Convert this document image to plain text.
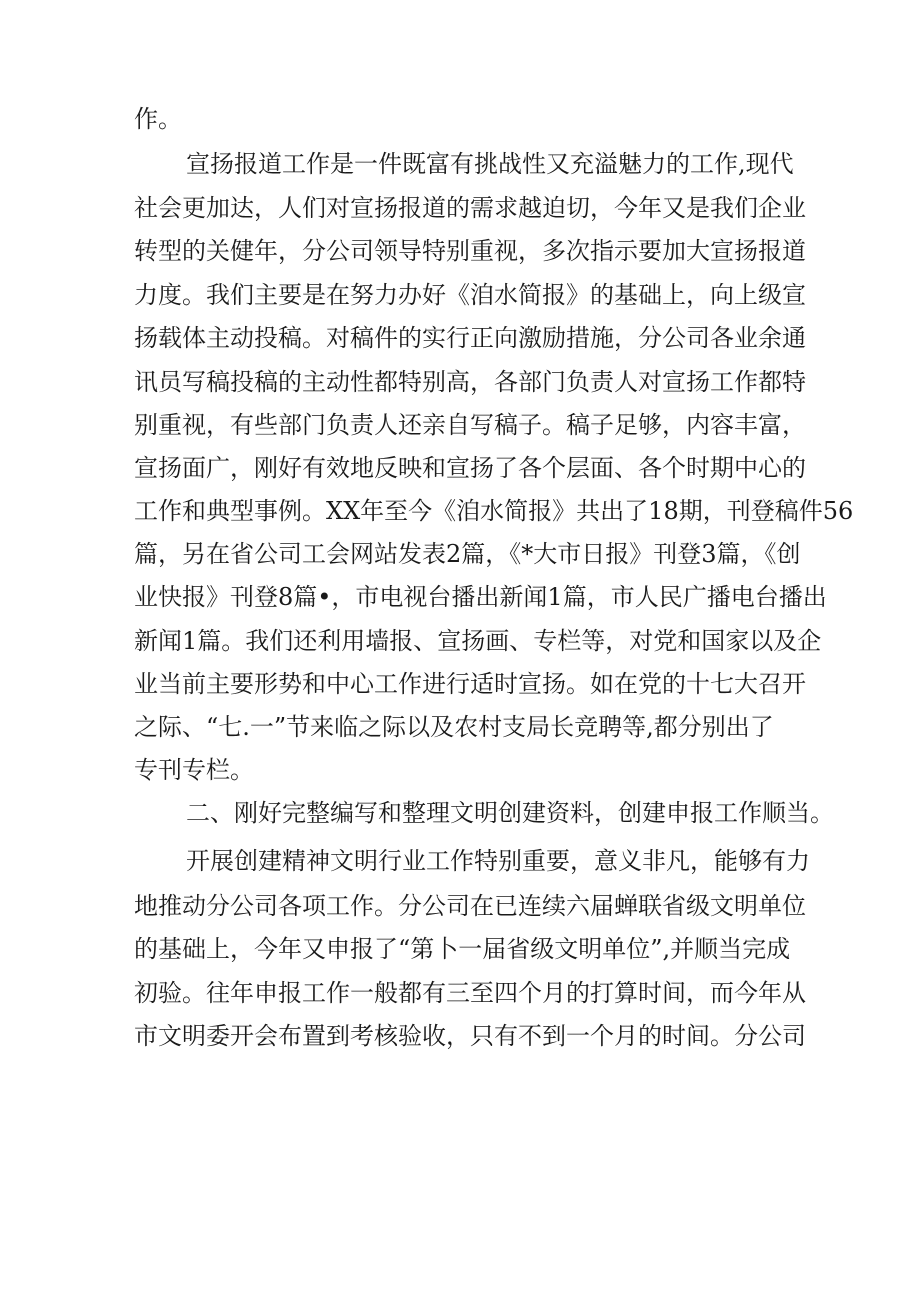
作。
宣扬报道工作是一件既富有挑战性又充溢魅力的工作,现代
社会更加达，人们对宣扬报道的需求越迫切，今年又是我们企业
转型的关健年，分公司领导特别重视，多次指示要加大宣扬报道
力度。我们主要是在努力办好《洎水简报》的基础上，向上级宣
扬载体主动投稿。对稿件的实行正向激励措施，分公司各业余通
讯员写稿投稿的主动性都特别高，各部门负责人对宣扬工作都特
别重视，有些部门负责人还亲自写稿子。稿子足够，内容丰富，
宣扬面广，刚好有效地反映和宣扬了各个层面、各个时期中心的
工作和典型事例。XX年至今《洎水简报》共出了18期，刊登稿件56
篇，另在省公司工会网站发表2篇，《*大市日报》刊登3篇，《创
业快报》刊登8篇•，市电视台播出新闻1篇，市人民广播电台播出
新闻1篇。我们还利用墙报、宣扬画、专栏等，对党和国家以及企
业当前主要形势和中心工作进行适时宣扬。如在党的十七大召开
之际、“七.一”节来临之际以及农村支局长竞聘等,都分别出了
专刊专栏。
二、刚好完整编写和整理文明创建资料，创建申报工作顺当。
开展创建精神文明行业工作特别重要，意义非凡，能够有力
地推动分公司各项工作。分公司在已连续六届蝉联省级文明单位
的基础上，今年又申报了“第卜一届省级文明单位”,并顺当完成
初验。往年申报工作一般都有三至四个月的打算时间，而今年从
市文明委开会布置到考核验收，只有不到一个月的时间。分公司
